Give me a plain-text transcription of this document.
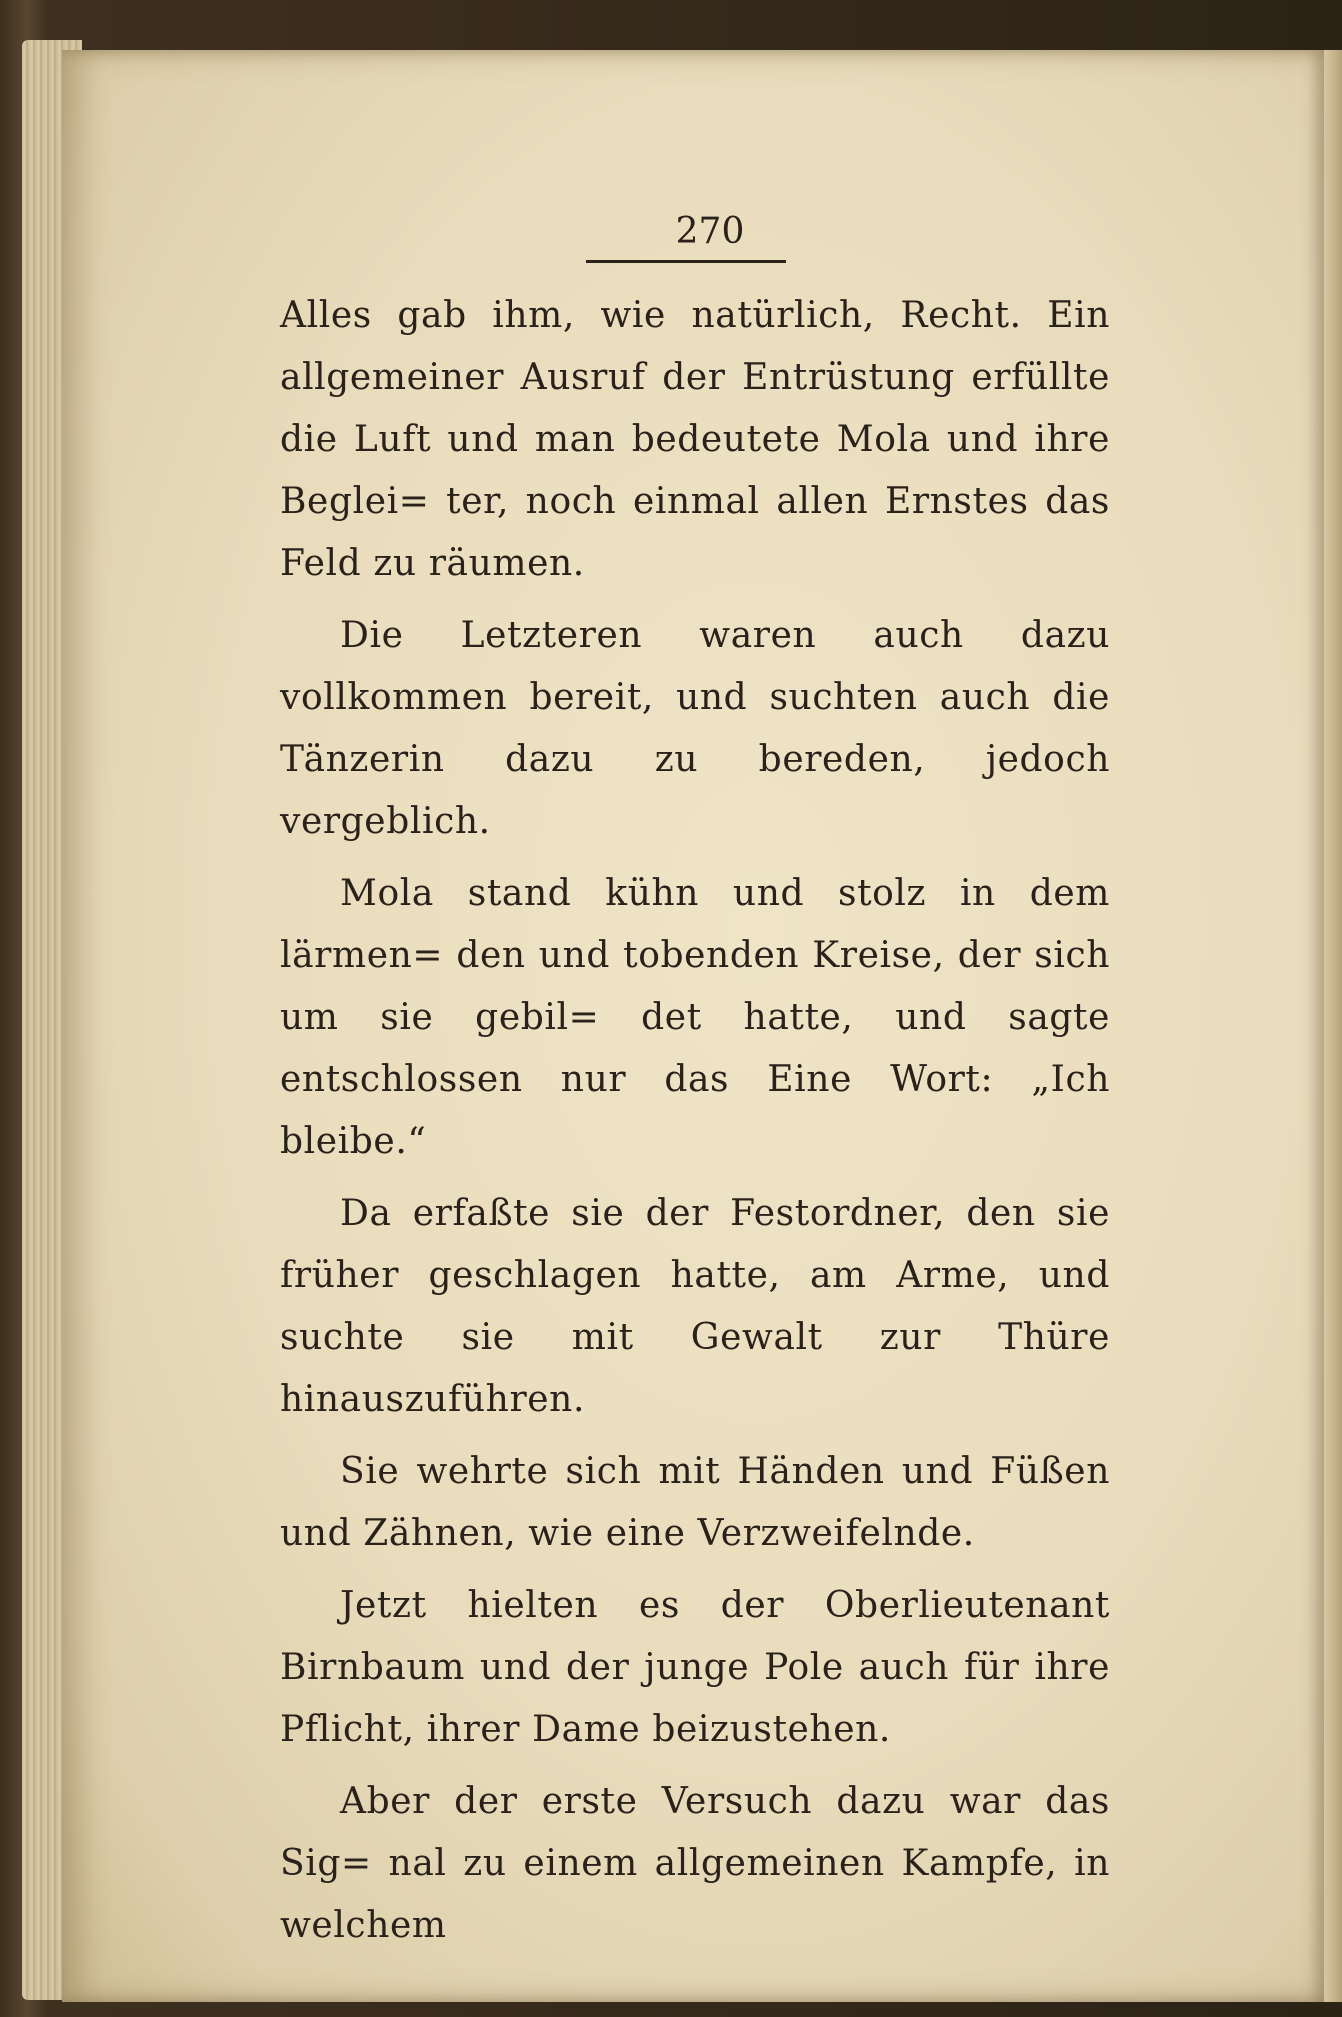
270

Alles gab ihm, wie natürlich, Recht. Ein allgemeiner Ausruf der Entrüstung erfüllte die Luft und man bedeutete Mola und ihre Beglei= ter, noch einmal allen Ernstes das Feld zu räumen.

Die Letzteren waren auch dazu vollkommen bereit, und suchten auch die Tänzerin dazu zu bereden, jedoch vergeblich.

Mola stand kühn und stolz in dem lärmen= den und tobenden Kreise, der sich um sie gebil= det hatte, und sagte entschlossen nur das Eine Wort: „Ich bleibe.“

Da erfaßte sie der Festordner, den sie früher geschlagen hatte, am Arme, und suchte sie mit Gewalt zur Thüre hinauszuführen.

Sie wehrte sich mit Händen und Füßen und Zähnen, wie eine Verzweifelnde.

Jetzt hielten es der Oberlieutenant Birnbaum und der junge Pole auch für ihre Pflicht, ihrer Dame beizustehen.

Aber der erste Versuch dazu war das Sig= nal zu einem allgemeinen Kampfe, in welchem
